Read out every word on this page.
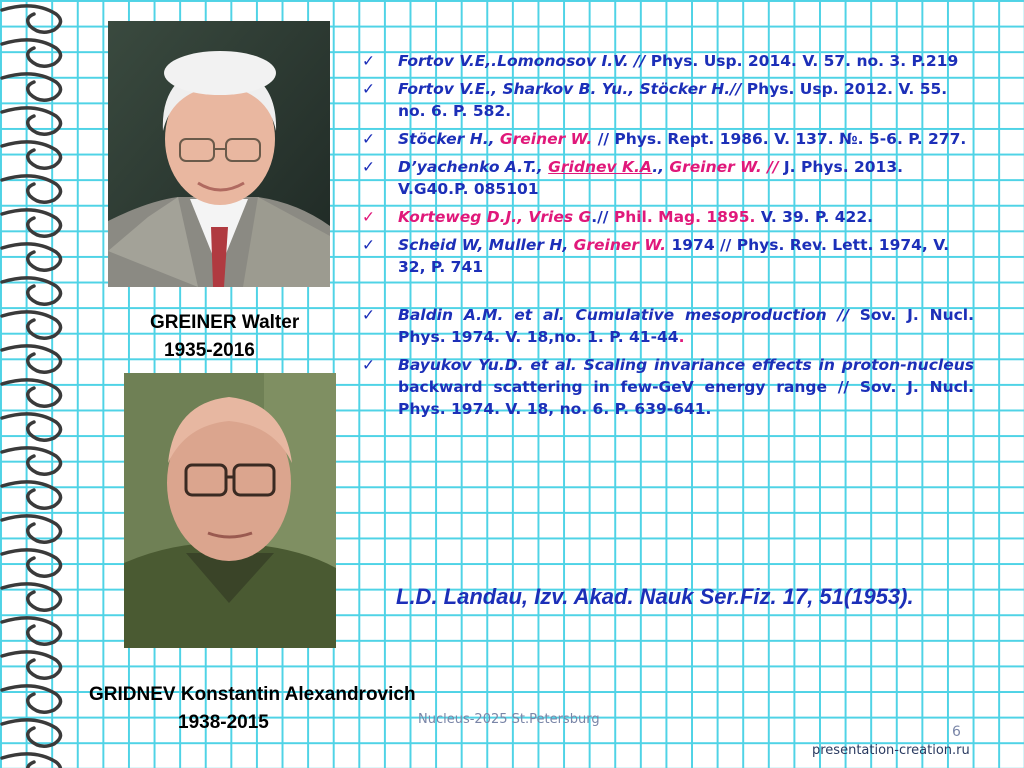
GREINER Walter
1935-2016
GRIDNEV Konstantin Alexandrovich
1938-2015
✓ Fortov V.E,.Lomonosov I.V. // Phys. Usp. 2014. V. 57. no. 3. P.219
✓ Fortov V.E., Sharkov B. Yu., Stöcker H.// Phys. Usp. 2012. V. 55. no. 6. P. 582.
✓ Stöcker H., Greiner W. // Phys. Rept. 1986. V. 137. №. 5-6. P. 277.
✓ D’yachenko A.T., Gridnev K.A., Greiner W. // J. Phys. 2013. V.G40.P. 085101
✓ Korteweg D.J., Vries G.// Phil. Mag. 1895. V. 39. P. 422.
✓ Scheid W, Muller H, Greiner W. 1974 // Phys. Rev. Lett. 1974, V. 32, P. 741
✓ Baldin A.M. et al. Cumulative mesoproduction // Sov. J. Nucl. Phys. 1974. V. 18,no. 1. P. 41-44.
✓ Bayukov Yu.D. et al. Scaling invariance effects in proton-nucleus backward scattering in few-GeV energy range // Sov. J. Nucl. Phys. 1974. V. 18, no. 6. P. 639-641.
L.D. Landau, Izv. Akad. Nauk Ser.Fiz. 17, 51(1953).
Nucleus-2025 St.Petersburg
6
presentation-creation.ru
